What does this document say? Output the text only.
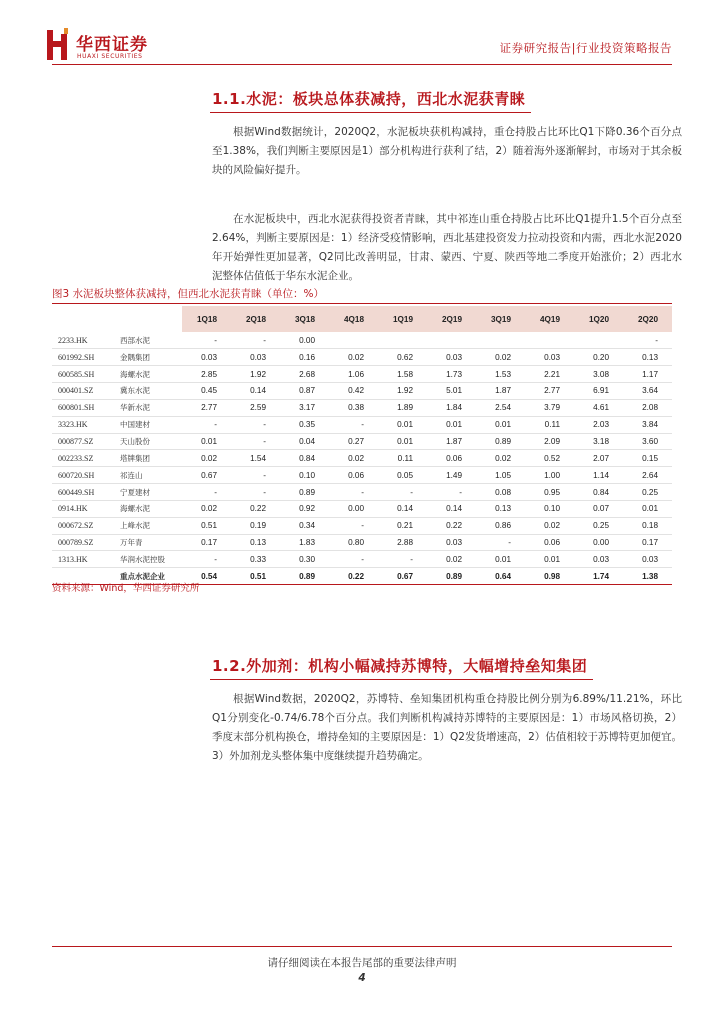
华西证券
HUAXI SECURITIES
证券研究报告|行业投资策略报告
1.1.水泥：板块总体获减持，西北水泥获青睐

根据Wind数据统计，2020Q2，水泥板块获机构减持，重仓持股占比环比Q1下降0.36个百分点至1.38%，我们判断主要原因是1）部分机构进行获利了结，2）随着海外逐渐解封，市场对于其余板块的风险偏好提升。

在水泥板块中，西北水泥获得投资者青睐，其中祁连山重仓持股占比环比Q1提升1.5个百分点至2.64%，判断主要原因是：1）经济受疫情影响，西北基建投资发力拉动投资和内需，西北水泥2020年开始弹性更加显著，Q2同比改善明显，甘肃、蒙西、宁夏、陕西等地二季度开始涨价；2）西北水泥整体估值低于华东水泥企业。

图3 水泥板块整体获减持，但西北水泥获青睐（单位：%）
		1Q18	2Q18	3Q18	4Q18	1Q19	2Q19	3Q19	4Q19	1Q20	2Q20
2233.HK	西部水泥	-	-	0.00							-
601992.SH	金隅集团	0.03	0.03	0.16	0.02	0.62	0.03	0.02	0.03	0.20	0.13
600585.SH	海螺水泥	2.85	1.92	2.68	1.06	1.58	1.73	1.53	2.21	3.08	1.17
000401.SZ	冀东水泥	0.45	0.14	0.87	0.42	1.92	5.01	1.87	2.77	6.91	3.64
600801.SH	华新水泥	2.77	2.59	3.17	0.38	1.89	1.84	2.54	3.79	4.61	2.08
3323.HK	中国建材	-	-	0.35	-	0.01	0.01	0.01	0.11	2.03	3.84
000877.SZ	天山股份	0.01	-	0.04	0.27	0.01	1.87	0.89	2.09	3.18	3.60
002233.SZ	塔牌集团	0.02	1.54	0.84	0.02	0.11	0.06	0.02	0.52	2.07	0.15
600720.SH	祁连山	0.67	-	0.10	0.06	0.05	1.49	1.05	1.00	1.14	2.64
600449.SH	宁夏建材	-	-	0.89	-	-	-	0.08	0.95	0.84	0.25
0914.HK	海螺水泥	0.02	0.22	0.92	0.00	0.14	0.14	0.13	0.10	0.07	0.01
000672.SZ	上峰水泥	0.51	0.19	0.34	-	0.21	0.22	0.86	0.02	0.25	0.18
000789.SZ	万年青	0.17	0.13	1.83	0.80	2.88	0.03	-	0.06	0.00	0.17
1313.HK	华润水泥控股	-	0.33	0.30	-	-	0.02	0.01	0.01	0.03	0.03
	重点水泥企业	0.54	0.51	0.89	0.22	0.67	0.89	0.64	0.98	1.74	1.38
资料来源：Wind，华西证券研究所
1.2.外加剂：机构小幅减持苏博特，大幅增持垒知集团

根据Wind数据，2020Q2，苏博特、垒知集团机构重仓持股比例分别为6.89%/11.21%，环比Q1分别变化-0.74/6.78个百分点。我们判断机构减持苏博特的主要原因是：1）市场风格切换，2）季度末部分机构换仓，增持垒知的主要原因是：1）Q2发货增速高，2）估值相较于苏博特更加便宜。3）外加剂龙头整体集中度继续提升趋势确定。

请仔细阅读在本报告尾部的重要法律声明
4
